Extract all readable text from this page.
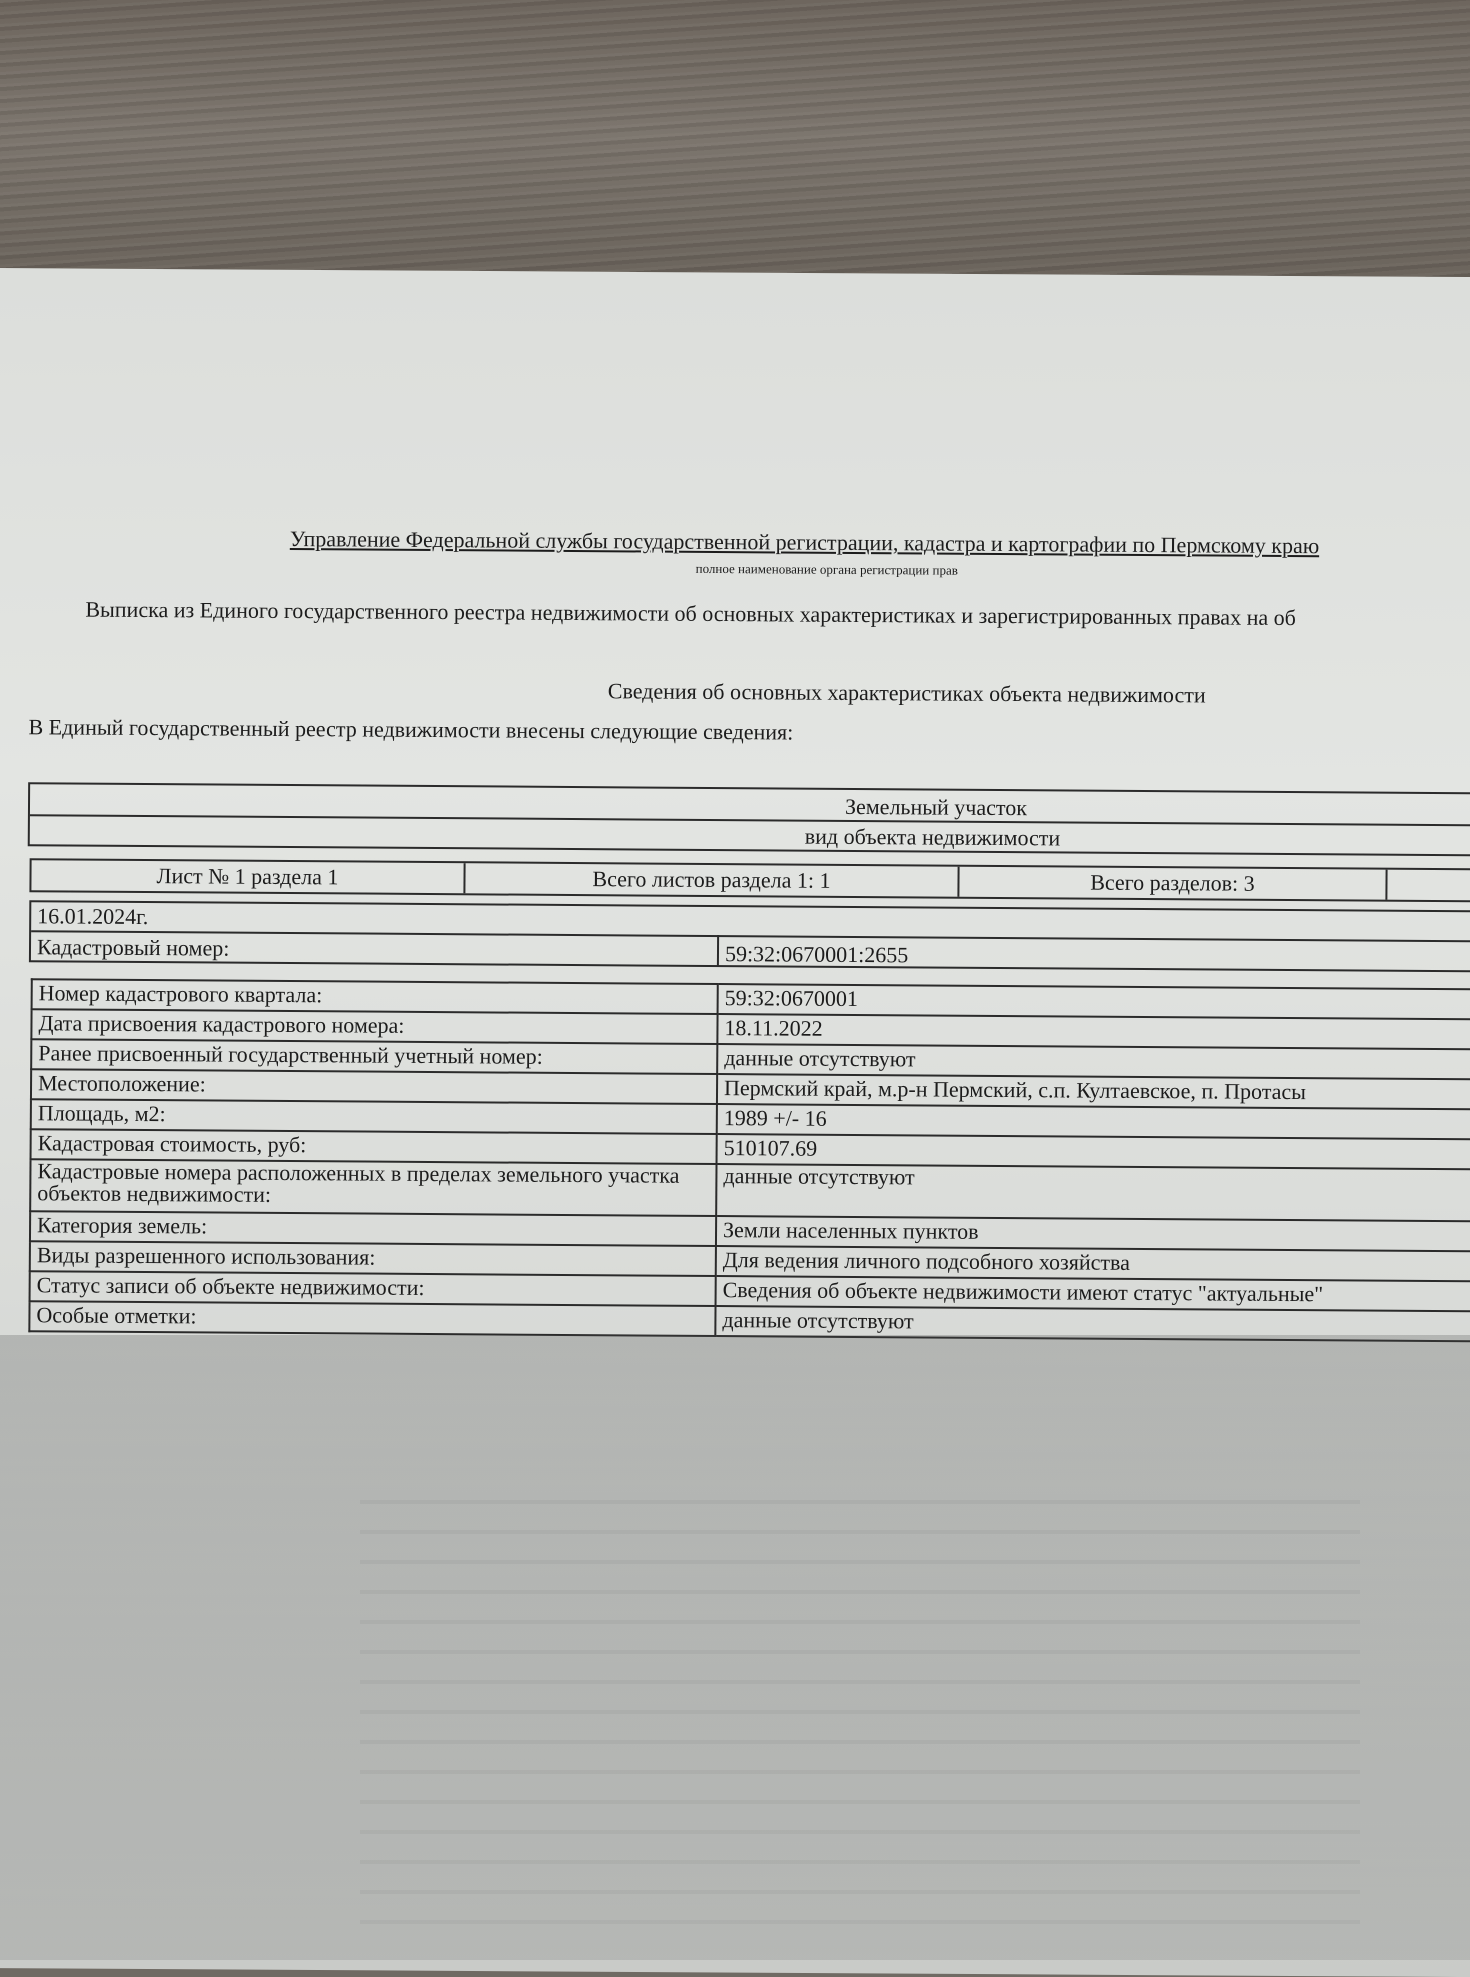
Управление Федеральной службы государственной регистрации, кадастра и картографии по Пермскому краю
полное наименование органа регистрации прав
Выписка из Единого государственного реестра недвижимости об основных характеристиках и зарегистрированных правах на об
Сведения об основных характеристиках объекта недвижимости
В Единый государственный реестр недвижимости внесены следующие сведения:
Земельный участок
вид объекта недвижимости
Лист № 1 раздела 1	Всего листов раздела 1: 1	Всего разделов: 3
16.01.2024г.
Кадастровый номер:	59:32:0670001:2655
Номер кадастрового квартала:	59:32:0670001
Дата присвоения кадастрового номера:	18.11.2022
Ранее присвоенный государственный учетный номер:	данные отсутствуют
Местоположение:	Пермский край, м.р-н Пермский, с.п. Култаевское, п. Протасы
Площадь, м2:	1989 +/- 16
Кадастровая стоимость, руб:	510107.69
Кадастровые номера расположенных в пределах земельного участка объектов недвижимости:	данные отсутствуют
Категория земель:	Земли населенных пунктов
Виды разрешенного использования:	Для ведения личного подсобного хозяйства
Статус записи об объекте недвижимости:	Сведения об объекте недвижимости имеют статус "актуальные"
Особые отметки:	данные отсутствуют
